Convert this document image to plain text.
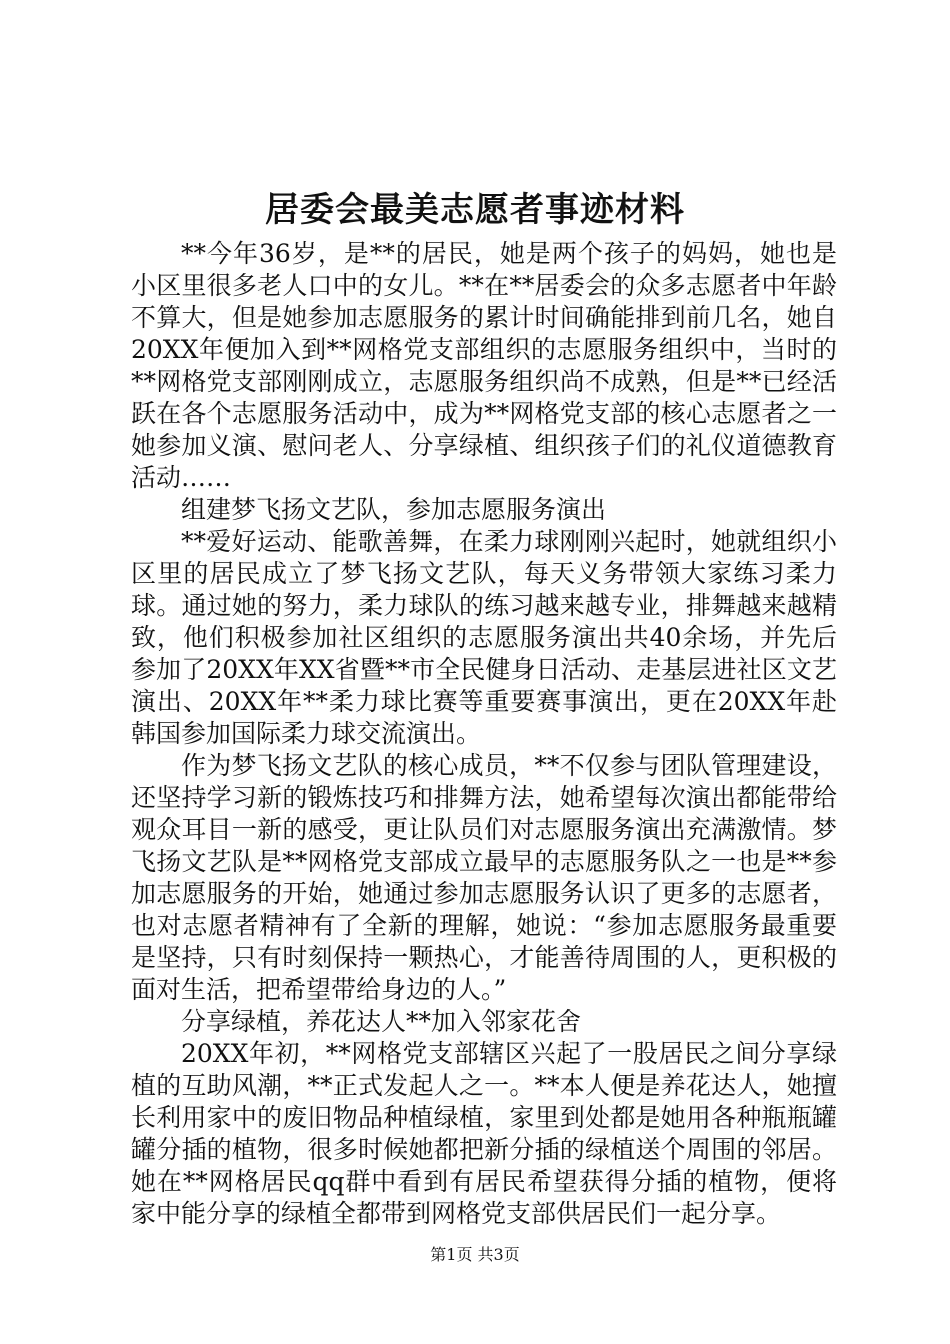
居委会最美志愿者事迹材料

**今年36岁，是**的居民，她是两个孩子的妈妈，她也是小区里很多老人口中的女儿。**在**居委会的众多志愿者中年龄不算大，但是她参加志愿服务的累计时间确能排到前几名，她自20XX年便加入到**网格党支部组织的志愿服务组织中，当时的**网格党支部刚刚成立，志愿服务组织尚不成熟，但是**已经活跃在各个志愿服务活动中，成为**网格党支部的核心志愿者之一她参加义演、慰问老人、分享绿植、组织孩子们的礼仪道德教育活动……

组建梦飞扬文艺队，参加志愿服务演出

**爱好运动、能歌善舞，在柔力球刚刚兴起时，她就组织小区里的居民成立了梦飞扬文艺队，每天义务带领大家练习柔力球。通过她的努力，柔力球队的练习越来越专业，排舞越来越精致，他们积极参加社区组织的志愿服务演出共40余场，并先后参加了20XX年XX省暨**市全民健身日活动、走基层进社区文艺演出、20XX年**柔力球比赛等重要赛事演出，更在20XX年赴韩国参加国际柔力球交流演出。

作为梦飞扬文艺队的核心成员，**不仅参与团队管理建设，还坚持学习新的锻炼技巧和排舞方法，她希望每次演出都能带给观众耳目一新的感受，更让队员们对志愿服务演出充满激情。梦飞扬文艺队是**网格党支部成立最早的志愿服务队之一也是**参加志愿服务的开始，她通过参加志愿服务认识了更多的志愿者，也对志愿者精神有了全新的理解，她说：“参加志愿服务最重要是坚持，只有时刻保持一颗热心，才能善待周围的人，更积极的面对生活，把希望带给身边的人。”

分享绿植，养花达人**加入邻家花舍

20XX年初，**网格党支部辖区兴起了一股居民之间分享绿植的互助风潮，**正式发起人之一。**本人便是养花达人，她擅长利用家中的废旧物品种植绿植，家里到处都是她用各种瓶瓶罐罐分插的植物，很多时候她都把新分插的绿植送个周围的邻居。她在**网格居民qq群中看到有居民希望获得分插的植物，便将家中能分享的绿植全都带到网格党支部供居民们一起分享。

第1页 共3页
